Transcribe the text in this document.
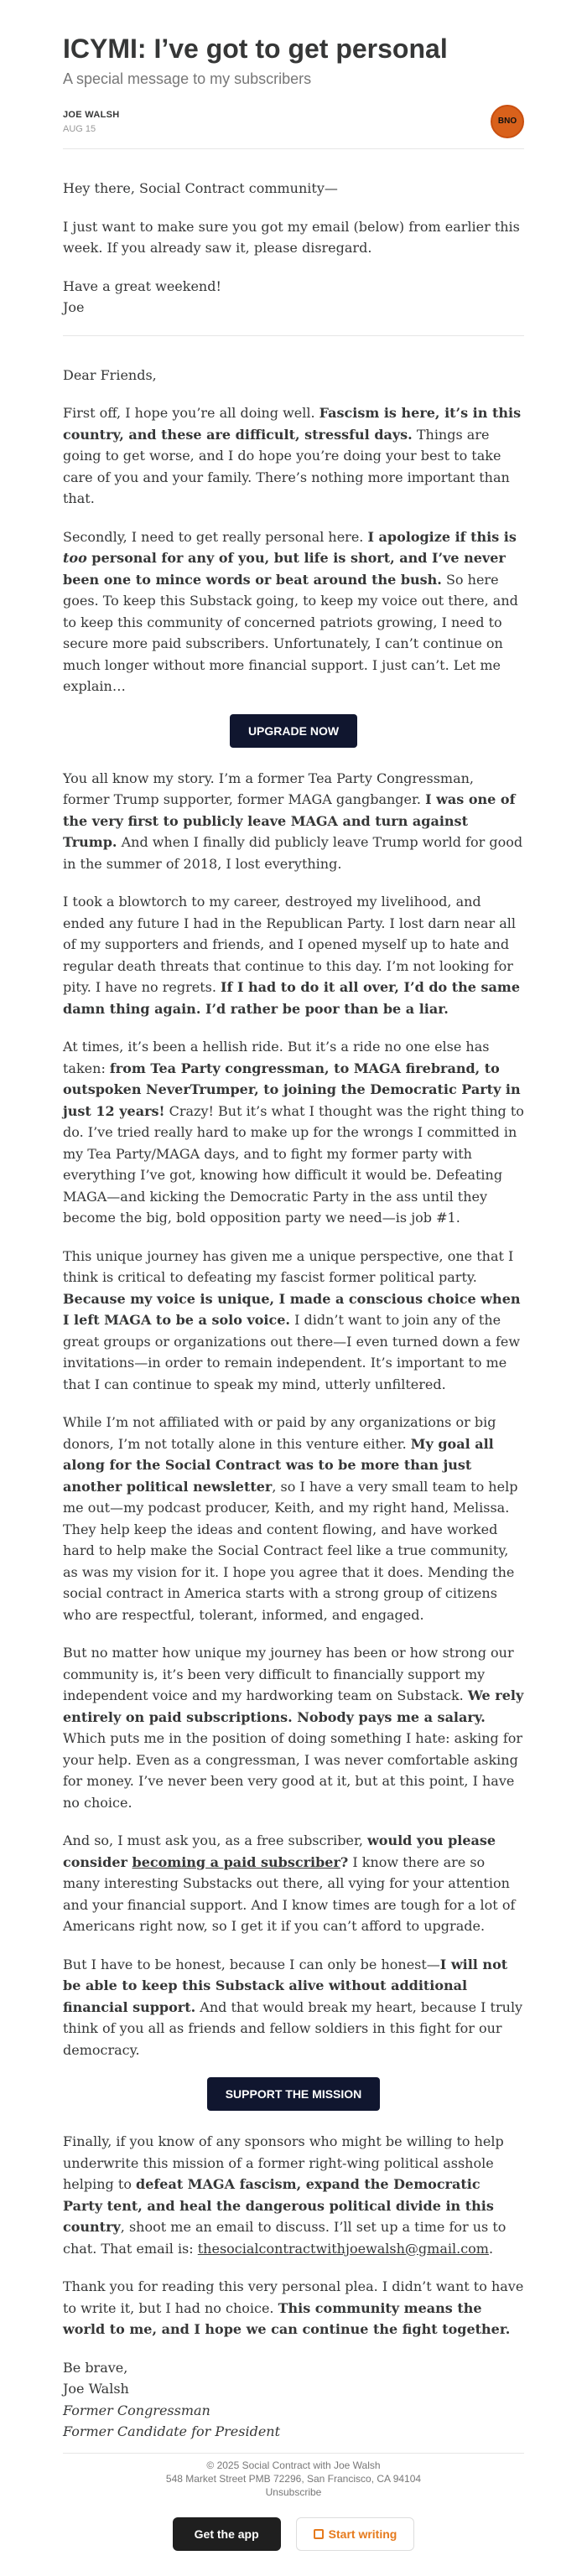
ICYMI: I’ve got to get personal
A special message to my subscribers
JOE WALSH
AUG 15
BNO

Hey there, Social Contract community—

I just want to make sure you got my email (below) from earlier this week. If you already saw it, please disregard.

Have a great weekend!
Joe

Dear Friends,

First off, I hope you’re all doing well. Fascism is here, it’s in this country, and these are difficult, stressful days. Things are going to get worse, and I do hope you’re doing your best to take care of you and your family. There’s nothing more important than that.

Secondly, I need to get really personal here. I apologize if this is too personal for any of you, but life is short, and I’ve never been one to mince words or beat around the bush. So here goes. To keep this Substack going, to keep my voice out there, and to keep this community of concerned patriots growing, I need to secure more paid subscribers. Unfortunately, I can’t continue on much longer without more financial support. I just can’t. Let me explain…

UPGRADE NOW

You all know my story. I’m a former Tea Party Congressman, former Trump supporter, former MAGA gangbanger. I was one of the very first to publicly leave MAGA and turn against Trump. And when I finally did publicly leave Trump world for good in the summer of 2018, I lost everything.

I took a blowtorch to my career, destroyed my livelihood, and ended any future I had in the Republican Party. I lost darn near all of my supporters and friends, and I opened myself up to hate and regular death threats that continue to this day. I’m not looking for pity. I have no regrets. If I had to do it all over, I’d do the same damn thing again. I’d rather be poor than be a liar.

At times, it’s been a hellish ride. But it’s a ride no one else has taken: from Tea Party congressman, to MAGA firebrand, to outspoken NeverTrumper, to joining the Democratic Party in just 12 years! Crazy! But it’s what I thought was the right thing to do. I’ve tried really hard to make up for the wrongs I committed in my Tea Party/MAGA days, and to fight my former party with everything I’ve got, knowing how difficult it would be. Defeating MAGA—and kicking the Democratic Party in the ass until they become the big, bold opposition party we need—is job #1.

This unique journey has given me a unique perspective, one that I think is critical to defeating my fascist former political party. Because my voice is unique, I made a conscious choice when I left MAGA to be a solo voice. I didn’t want to join any of the great groups or organizations out there—I even turned down a few invitations—in order to remain independent. It’s important to me that I can continue to speak my mind, utterly unfiltered.

While I’m not affiliated with or paid by any organizations or big donors, I’m not totally alone in this venture either. My goal all along for the Social Contract was to be more than just another political newsletter, so I have a very small team to help me out—my podcast producer, Keith, and my right hand, Melissa. They help keep the ideas and content flowing, and have worked hard to help make the Social Contract feel like a true community, as was my vision for it. I hope you agree that it does. Mending the social contract in America starts with a strong group of citizens who are respectful, tolerant, informed, and engaged.

But no matter how unique my journey has been or how strong our community is, it’s been very difficult to financially support my independent voice and my hardworking team on Substack. We rely entirely on paid subscriptions. Nobody pays me a salary. Which puts me in the position of doing something I hate: asking for your help. Even as a congressman, I was never comfortable asking for money. I’ve never been very good at it, but at this point, I have no choice.

And so, I must ask you, as a free subscriber, would you please consider becoming a paid subscriber? I know there are so many interesting Substacks out there, all vying for your attention and your financial support. And I know times are tough for a lot of Americans right now, so I get it if you can’t afford to upgrade.

But I have to be honest, because I can only be honest—I will not be able to keep this Substack alive without additional financial support. And that would break my heart, because I truly think of you all as friends and fellow soldiers in this fight for our democracy.

SUPPORT THE MISSION

Finally, if you know of any sponsors who might be willing to help underwrite this mission of a former right-wing political asshole helping to defeat MAGA fascism, expand the Democratic Party tent, and heal the dangerous political divide in this country, shoot me an email to discuss. I’ll set up a time for us to chat. That email is: thesocialcontractwithjoewalsh@gmail.com.

Thank you for reading this very personal plea. I didn’t want to have to write it, but I had no choice. This community means the world to me, and I hope we can continue the fight together.

Be brave,

Joe Walsh

Former Congressman

Former Candidate for President

© 2025 Social Contract with Joe Walsh
548 Market Street PMB 72296, San Francisco, CA 94104
Unsubscribe
Get the app	Start writing
